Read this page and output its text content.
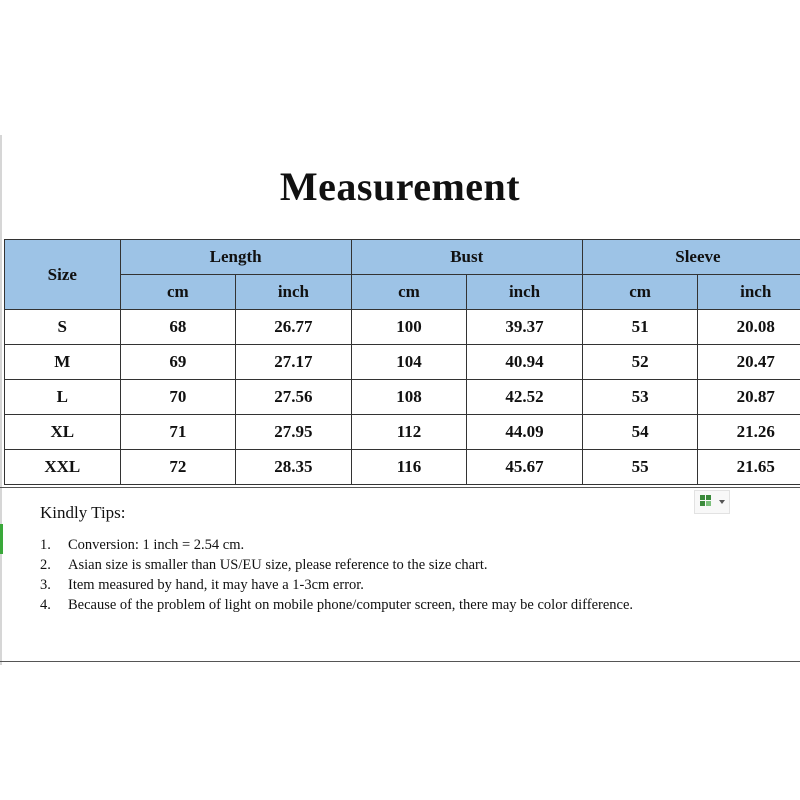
Measurement
Size	Length		Bust		Sleeve	
	cm	inch	cm	inch	cm	inch
S	68	26.77	100	39.37	51	20.08
M	69	27.17	104	40.94	52	20.47
L	70	27.56	108	42.52	53	20.87
XL	71	27.95	112	44.09	54	21.26
XXL	72	28.35	116	45.67	55	21.65
Kindly Tips:
1.	Conversion: 1 inch = 2.54 cm.
2.	Asian size is smaller than US/EU size, please reference to the size chart.
3.	Item measured by hand, it may have a 1-3cm error.
4.	Because of the problem of light on mobile phone/computer screen, there may be color difference.
